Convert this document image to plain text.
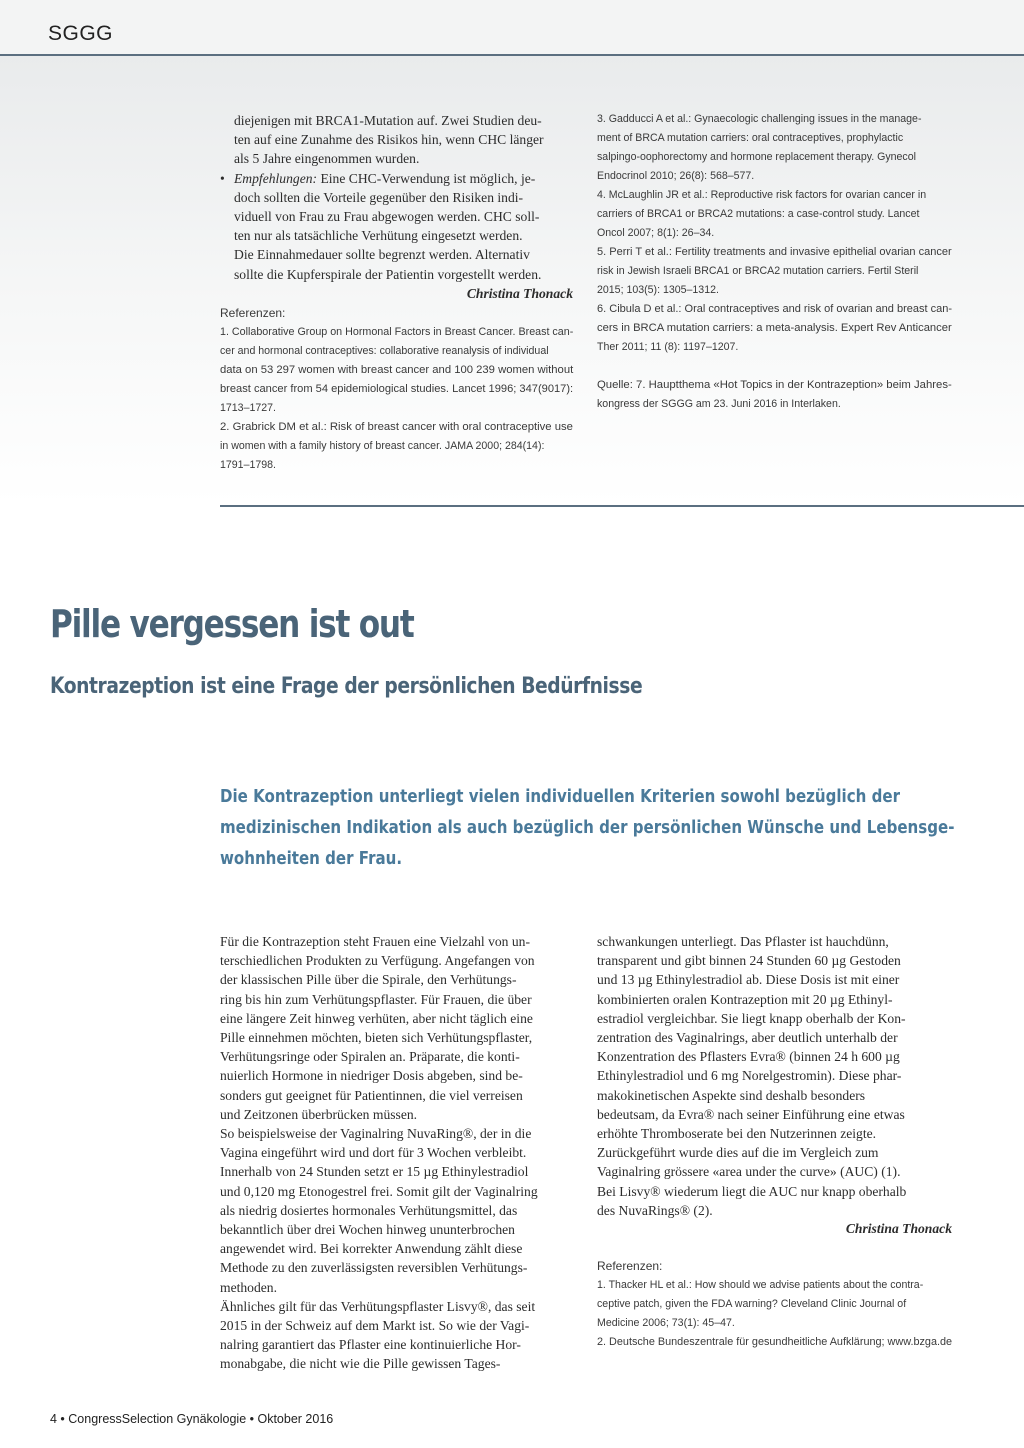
SGGG
diejenigen mit BRCA1-Mutation auf. Zwei Studien deu-
ten auf eine Zunahme des Risikos hin, wenn CHC länger
als 5 Jahre eingenommen wurden.
• Empfehlungen: Eine CHC-Verwendung ist möglich, je-
doch sollten die Vorteile gegenüber den Risiken indi-
viduell von Frau zu Frau abgewogen werden. CHC soll-
ten nur als tatsächliche Verhütung eingesetzt werden.
Die Einnahmedauer sollte begrenzt werden. Alternativ
sollte die Kupferspirale der Patientin vorgestellt werden.
Christina Thonack
Referenzen:
1. Collaborative Group on Hormonal Factors in Breast Cancer. Breast can-
cer and hormonal contraceptives: collaborative reanalysis of individual
data on 53 297 women with breast cancer and 100 239 women without
breast cancer from 54 epidemiological studies. Lancet 1996; 347(9017):
1713–1727.
2. Grabrick DM et al.: Risk of breast cancer with oral contraceptive use
in women with a family history of breast cancer. JAMA 2000; 284(14):
1791–1798.
3. Gadducci A et al.: Gynaecologic challenging issues in the manage-
ment of BRCA mutation carriers: oral contraceptives, prophylactic
salpingo-oophorectomy and hormone replacement therapy. Gynecol
Endocrinol 2010; 26(8): 568–577.
4. McLaughlin JR et al.: Reproductive risk factors for ovarian cancer in
carriers of BRCA1 or BRCA2 mutations: a case-control study. Lancet
Oncol 2007; 8(1): 26–34.
5. Perri T et al.: Fertility treatments and invasive epithelial ovarian cancer
risk in Jewish Israeli BRCA1 or BRCA2 mutation carriers. Fertil Steril
2015; 103(5): 1305–1312.
6. Cibula D et al.: Oral contraceptives and risk of ovarian and breast can-
cers in BRCA mutation carriers: a meta-analysis. Expert Rev Anticancer
Ther 2011; 11 (8): 1197–1207.
Quelle: 7. Hauptthema «Hot Topics in der Kontrazeption» beim Jahres-
kongress der SGGG am 23. Juni 2016 in Interlaken.
Pille vergessen ist out
Kontrazeption ist eine Frage der persönlichen Bedürfnisse
Die Kontrazeption unterliegt vielen individuellen Kriterien sowohl bezüglich der
medizinischen Indikation als auch bezüglich der persönlichen Wünsche und Lebensge-
wohnheiten der Frau.
Für die Kontrazeption steht Frauen eine Vielzahl von un-
terschiedlichen Produkten zu Verfügung. Angefangen von
der klassischen Pille über die Spirale, den Verhütungs-
ring bis hin zum Verhütungspflaster. Für Frauen, die über
eine längere Zeit hinweg verhüten, aber nicht täglich eine
Pille einnehmen möchten, bieten sich Verhütungspflaster,
Verhütungsringe oder Spiralen an. Präparate, die konti-
nuierlich Hormone in niedriger Dosis abgeben, sind be-
sonders gut geeignet für Patientinnen, die viel verreisen
und Zeitzonen überbrücken müssen.
So beispielsweise der Vaginalring NuvaRing®, der in die
Vagina eingeführt wird und dort für 3 Wochen verbleibt.
Innerhalb von 24 Stunden setzt er 15 µg Ethinylestradiol
und 0,120 mg Etonogestrel frei. Somit gilt der Vaginalring
als niedrig dosiertes hormonales Verhütungsmittel, das
bekanntlich über drei Wochen hinweg ununterbrochen
angewendet wird. Bei korrekter Anwendung zählt diese
Methode zu den zuverlässigsten reversiblen Verhütungs-
methoden.
Ähnliches gilt für das Verhütungspflaster Lisvy®, das seit
2015 in der Schweiz auf dem Markt ist. So wie der Vagi-
nalring garantiert das Pflaster eine kontinuierliche Hor-
monabgabe, die nicht wie die Pille gewissen Tages-
schwankungen unterliegt. Das Pflaster ist hauchdünn,
transparent und gibt binnen 24 Stunden 60 µg Gestoden
und 13 µg Ethinylestradiol ab. Diese Dosis ist mit einer
kombinierten oralen Kontrazeption mit 20 µg Ethinyl-
estradiol vergleichbar. Sie liegt knapp oberhalb der Kon-
zentration des Vaginalrings, aber deutlich unterhalb der
Konzentration des Pflasters Evra® (binnen 24 h 600 µg
Ethinylestradiol und 6 mg Norelgestromin). Diese phar-
makokinetischen Aspekte sind deshalb besonders
bedeutsam, da Evra® nach seiner Einführung eine etwas
erhöhte Thromboserate bei den Nutzerinnen zeigte.
Zurückgeführt wurde dies auf die im Vergleich zum
Vaginalring grössere «area under the curve» (AUC) (1).
Bei Lisvy® wiederum liegt die AUC nur knapp oberhalb
des NuvaRings® (2).
Christina Thonack
Referenzen:
1. Thacker HL et al.: How should we advise patients about the contra-
ceptive patch, given the FDA warning? Cleveland Clinic Journal of
Medicine 2006; 73(1): 45–47.
2. Deutsche Bundeszentrale für gesundheitliche Aufklärung; www.bzga.de
4 • CongressSelection Gynäkologie • Oktober 2016
